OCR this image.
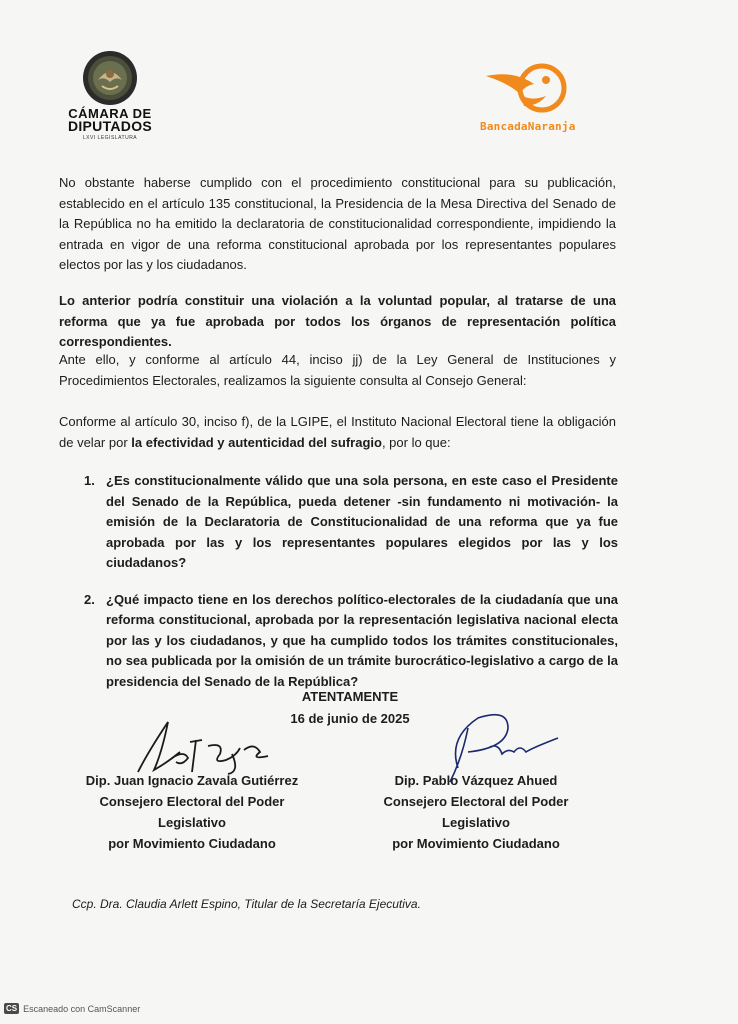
CÁMARA DE
DIPUTADOS
LXVI LEGISLATURA
BancadaNaranja
No obstante haberse cumplido con el procedimiento constitucional para su publicación, establecido en el artículo 135 constitucional, la Presidencia de la Mesa Directiva del Senado de la República no ha emitido la declaratoria de constitucionalidad correspondiente, impidiendo la entrada en vigor de una reforma constitucional aprobada por los representantes populares electos por las y los ciudadanos.
Lo anterior podría constituir una violación a la voluntad popular, al tratarse de una reforma que ya fue aprobada por todos los órganos de representación política correspondientes.
Ante ello, y conforme al artículo 44, inciso jj) de la Ley General de Instituciones y Procedimientos Electorales, realizamos la siguiente consulta al Consejo General:
Conforme al artículo 30, inciso f), de la LGIPE, el Instituto Nacional Electoral tiene la obligación de velar por la efectividad y autenticidad del sufragio, por lo que:
1. ¿Es constitucionalmente válido que una sola persona, en este caso el Presidente del Senado de la República, pueda detener -sin fundamento ni motivación- la emisión de la Declaratoria de Constitucionalidad de una reforma que ya fue aprobada por las y los representantes populares elegidos por las y los ciudadanos?
2. ¿Qué impacto tiene en los derechos político-electorales de la ciudadanía que una reforma constitucional, aprobada por la representación legislativa nacional electa por las y los ciudadanos, y que ha cumplido todos los trámites constitucionales, no sea publicada por la omisión de un trámite burocrático-legislativo a cargo de la presidencia del Senado de la República?
ATENTAMENTE
16 de junio de 2025
Dip. Juan Ignacio Zavala Gutiérrez
Consejero Electoral del Poder Legislativo
por Movimiento Ciudadano
Dip. Pablo Vázquez Ahued
Consejero Electoral del Poder Legislativo
por Movimiento Ciudadano
Ccp. Dra. Claudia Arlett Espino, Titular de la Secretaría Ejecutiva.
CS Escaneado con CamScanner
